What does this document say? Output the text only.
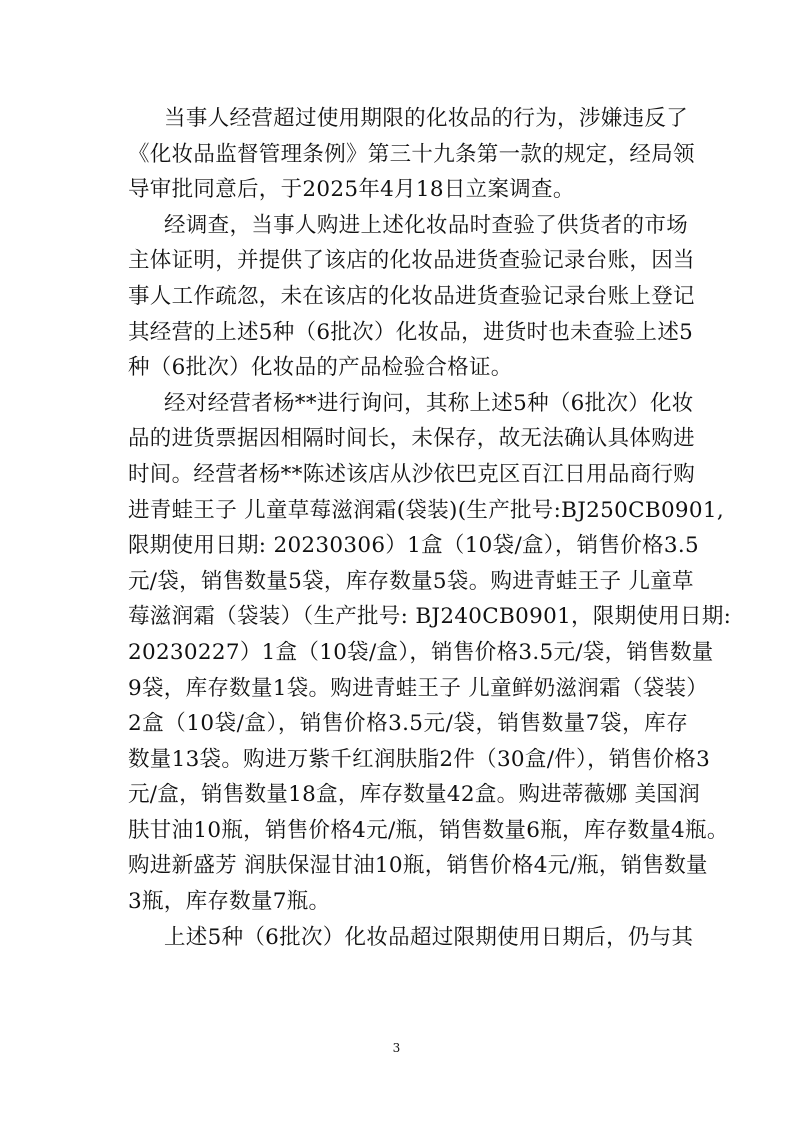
当事人经营超过使用期限的化妆品的行为，涉嫌违反了
《化妆品监督管理条例》第三十九条第一款的规定，经局领
导审批同意后，于2025年4月18日立案调查。
经调查，当事人购进上述化妆品时查验了供货者的市场
主体证明，并提供了该店的化妆品进货查验记录台账，因当
事人工作疏忽，未在该店的化妆品进货查验记录台账上登记
其经营的上述5种（6批次）化妆品，进货时也未查验上述5
种（6批次）化妆品的产品检验合格证。
经对经营者杨**进行询问，其称上述5种（6批次）化妆
品的进货票据因相隔时间长，未保存，故无法确认具体购进
时间。经营者杨**陈述该店从沙依巴克区百江日用品商行购
进青蛙王子 儿童草莓滋润霜(袋装)(生产批号:BJ250CB0901,
限期使用日期: 20230306）1盒（10袋/盒），销售价格3.5
元/袋，销售数量5袋，库存数量5袋。购进青蛙王子 儿童草
莓滋润霜（袋装）（生产批号: BJ240CB0901，限期使用日期:
20230227）1盒（10袋/盒），销售价格3.5元/袋，销售数量
9袋，库存数量1袋。购进青蛙王子 儿童鲜奶滋润霜（袋装）
2盒（10袋/盒），销售价格3.5元/袋，销售数量7袋，库存
数量13袋。购进万紫千红润肤脂2件（30盒/件），销售价格3
元/盒，销售数量18盒，库存数量42盒。购进蒂薇娜 美国润
肤甘油10瓶，销售价格4元/瓶，销售数量6瓶，库存数量4瓶。
购进新盛芳 润肤保湿甘油10瓶，销售价格4元/瓶，销售数量
3瓶，库存数量7瓶。
上述5种（6批次）化妆品超过限期使用日期后，仍与其
3
